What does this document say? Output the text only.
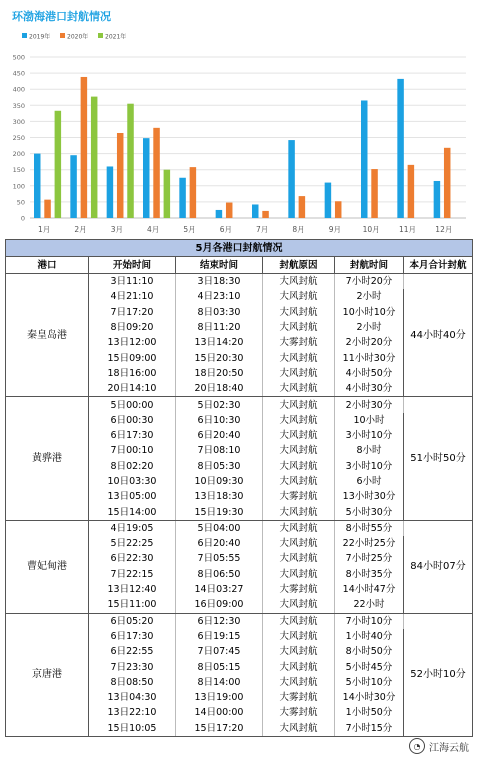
环渤海港口封航情况
2019年	2020年	2021年
0
50
100
150
200
250
300
350
400
450
500
1月	2月	3月	4月	5月	6月	7月	8月	9月	10月	11月	12月
5月各港口封航情况					
港口	开始时间	结束时间	封航原因	封航时间	本月合计封航
秦皇岛港	3日11:10	3日18:30	大风封航	7小时20分	44小时40分
	4日21:10	4日23:10	大风封航	2小时	
	7日17:20	8日03:30	大风封航	10小时10分	
	8日09:20	8日11:20	大风封航	2小时	
	13日12:00	13日14:20	大雾封航	2小时20分	
	15日09:00	15日20:30	大风封航	11小时30分	
	18日16:00	18日20:50	大风封航	4小时50分	
	20日14:10	20日18:40	大风封航	4小时30分	
黄骅港	5日00:00	5日02:30	大风封航	2小时30分	51小时50分
	6日00:30	6日10:30	大风封航	10小时	
	6日17:30	6日20:40	大风封航	3小时10分	
	7日00:10	7日08:10	大风封航	8小时	
	8日02:20	8日05:30	大风封航	3小时10分	
	10日03:30	10日09:30	大风封航	6小时	
	13日05:00	13日18:30	大雾封航	13小时30分	
	15日14:00	15日19:30	大风封航	5小时30分	
曹妃甸港	4日19:05	5日04:00	大风封航	8小时55分	84小时07分
	5日22:25	6日20:40	大风封航	22小时25分	
	6日22:30	7日05:55	大风封航	7小时25分	
	7日22:15	8日06:50	大风封航	8小时35分	
	13日12:40	14日03:27	大雾封航	14小时47分	
	15日11:00	16日09:00	大风封航	22小时	
京唐港	6日05:20	6日12:30	大风封航	7小时10分	52小时10分
	6日17:30	6日19:15	大风封航	1小时40分	
	6日22:55	7日07:45	大风封航	8小时50分	
	7日23:30	8日05:15	大风封航	5小时45分	
	8日08:50	8日14:00	大风封航	5小时10分	
	13日04:30	13日19:00	大雾封航	14小时30分	
	13日22:10	14日00:00	大雾封航	1小时50分	
	15日10:05	15日17:20	大风封航	7小时15分	
◔ 江海云航
